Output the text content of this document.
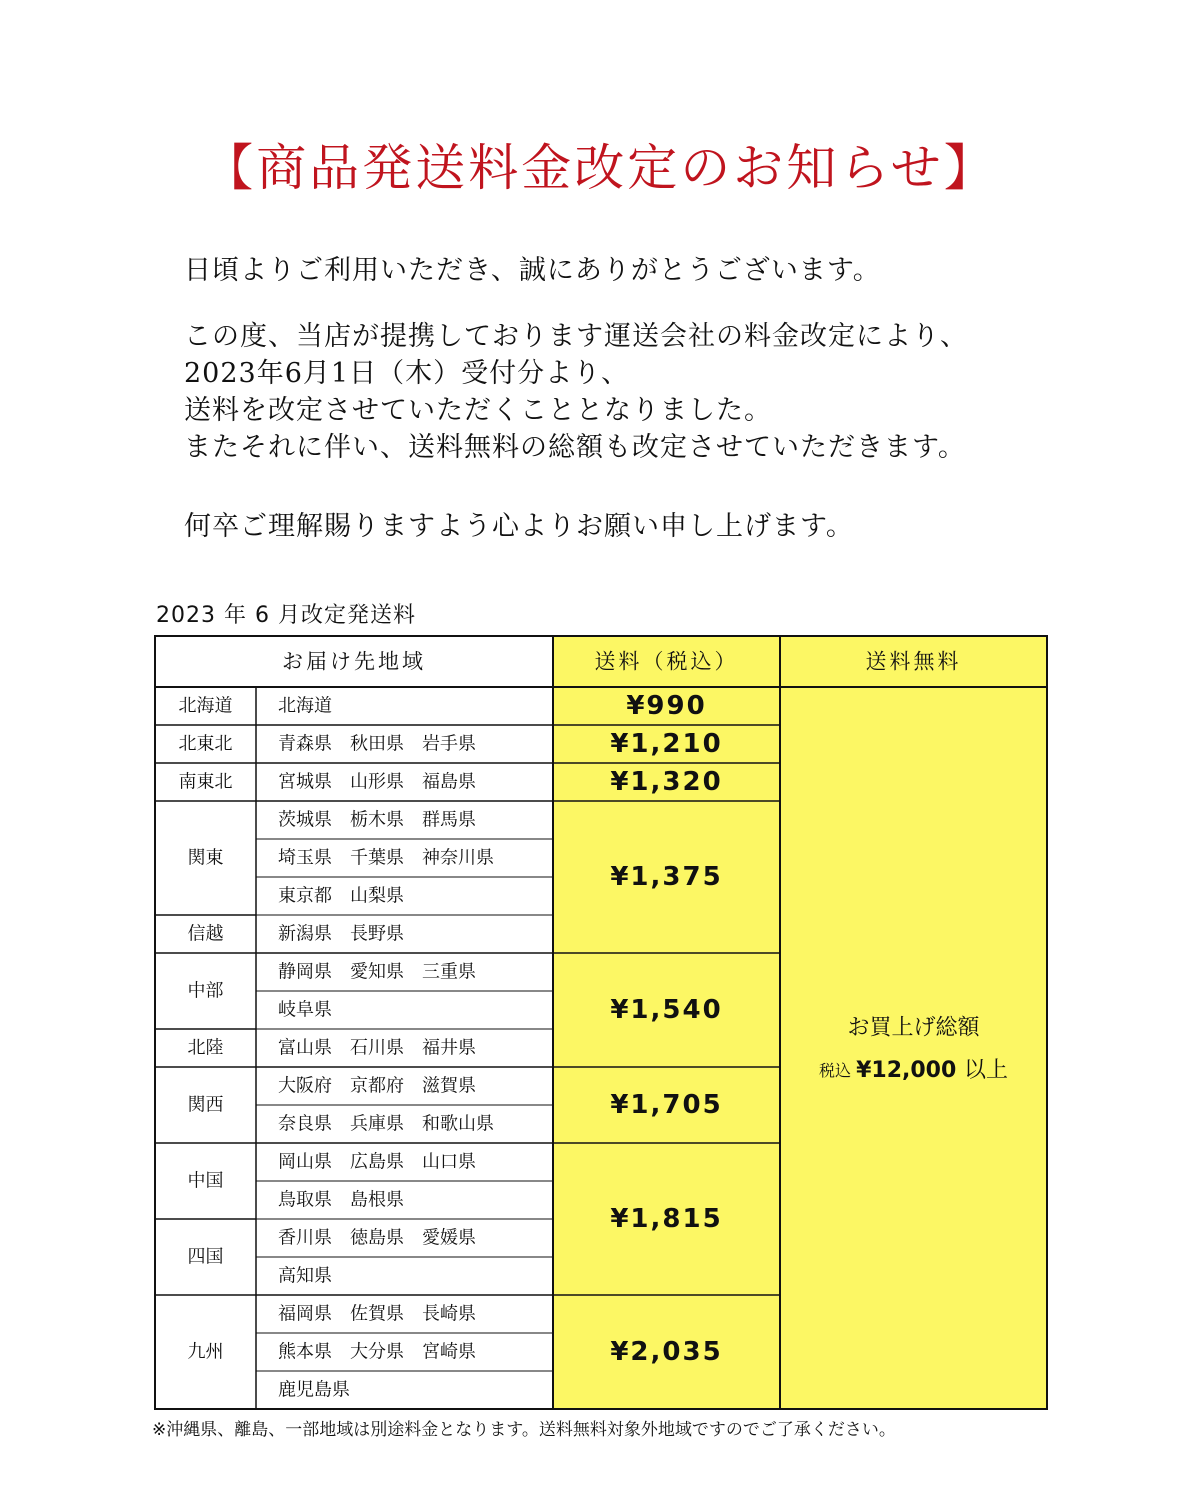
【商品発送料金改定のお知らせ】
日頃よりご利用いただき、誠にありがとうございます。
この度、当店が提携しております運送会社の料金改定により、
2023年6月1日（木）受付分より、
送料を改定させていただくこととなりました。
またそれに伴い、送料無料の総額も改定させていただきます。
何卒ご理解賜りますよう心よりお願い申し上げます。
2023 年 6 月改定発送料
お届け先地域	送料（税込）	送料無料
北海道
青森県　秋田県　岩手県
宮城県　山形県　福島県
茨城県　栃木県　群馬県
埼玉県　千葉県　神奈川県
東京都　山梨県
新潟県　長野県
静岡県　愛知県　三重県
岐阜県
富山県　石川県　福井県
大阪府　京都府　滋賀県
奈良県　兵庫県　和歌山県
岡山県　広島県　山口県
鳥取県　島根県
香川県　徳島県　愛媛県
高知県
福岡県　佐賀県　長崎県
熊本県　大分県　宮崎県
鹿児島県
北海道
北東北
南東北
関東
信越
中部
北陸
関西
中国
四国
九州
¥990
¥1,210
¥1,320
¥1,375
¥1,540
¥1,705
¥1,815
¥2,035
お買上げ総額
税込 ¥12,000 以上
※沖縄県、離島、一部地域は別途料金となります。送料無料対象外地域ですのでご了承ください。
